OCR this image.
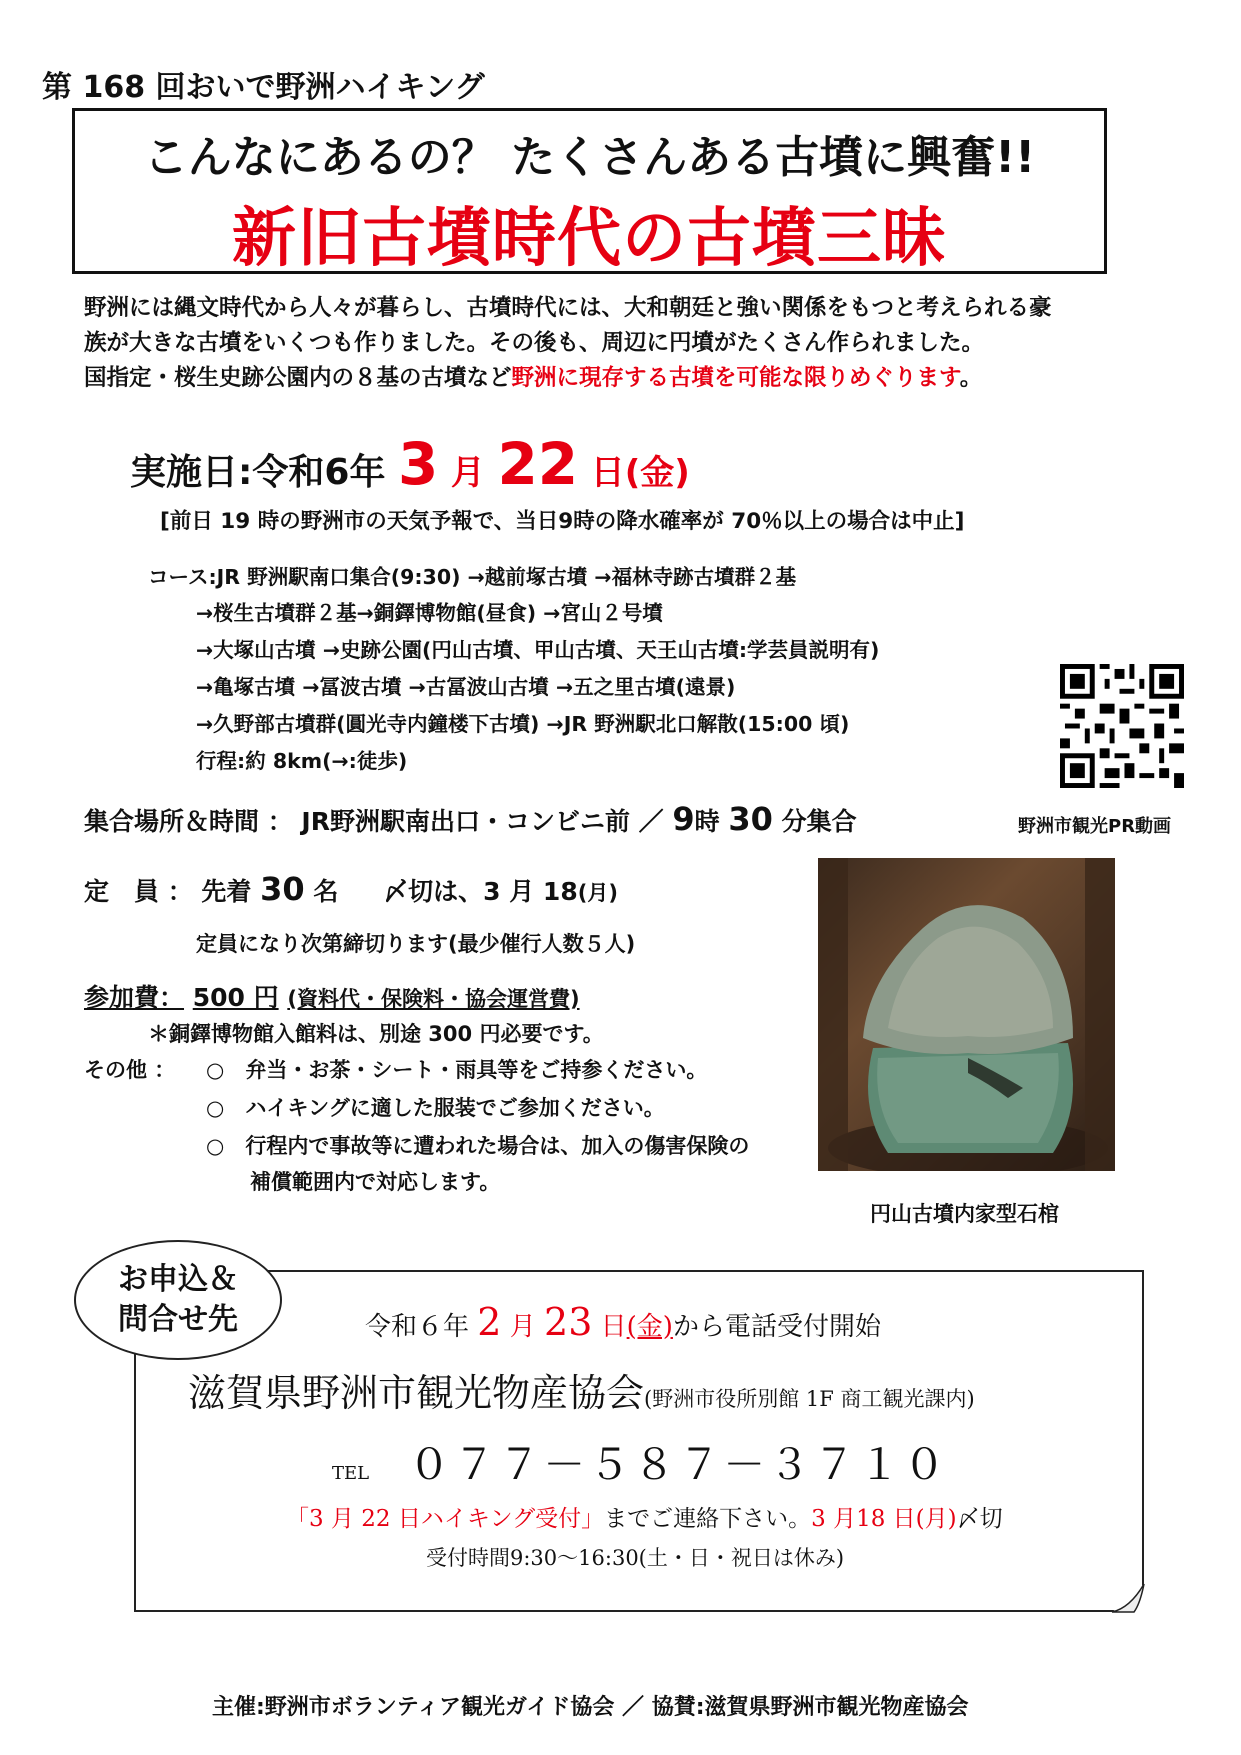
第 168 回おいで野洲ハイキング
こんなにあるの？ たくさんある古墳に興奮!!
新旧古墳時代の古墳三昧
野洲には縄文時代から人々が暮らし、古墳時代には、大和朝廷と強い関係をもつと考えられる豪
族が大きな古墳をいくつも作りました。その後も、周辺に円墳がたくさん作られました。
国指定・桜生史跡公園内の８基の古墳など野洲に現存する古墳を可能な限りめぐります。
実施日:令和6年 3 月 22 日(金)
[前日 19 時の野洲市の天気予報で、当日9時の降水確率が 70％以上の場合は中止]
コース:JR 野洲駅南口集合(9:30) →越前塚古墳 →福林寺跡古墳群２基
→桜生古墳群２基→銅鐸博物館(昼食) →宮山２号墳
→大塚山古墳 →史跡公園(円山古墳、甲山古墳、天王山古墳:学芸員説明有)
→亀塚古墳 →冨波古墳 →古冨波山古墳 →五之里古墳(遠景)
→久野部古墳群(圓光寺内鐘楼下古墳) →JR 野洲駅北口解散(15:00 頃)
行程:約 8km(→:徒歩)
野洲市観光PR動画
集合場所＆時間 ： JR野洲駅南出口・コンビニ前 ／ 9時 30 分集合
定　員 ： 先着 30 名 〆切は、3 月 18(月)
定員になり次第締切ります(最少催行人数５人)
参加費： 500 円 (資料代・保険料・協会運営費)
＊銅鐸博物館入館料は、別途 300 円必要です。
その他 ： ○　弁当・お茶・シート・雨具等をご持参ください。
○　ハイキングに適した服装でご参加ください。
○　行程内で事故等に遭われた場合は、加入の傷害保険の
補償範囲内で対応します。
円山古墳内家型石棺
お申込＆
問合せ先	令和６年 2 月 23 日(金)から電話受付開始
滋賀県野洲市観光物産協会(野洲市役所別館 1F 商工観光課内)
TEL ０７７－５８７－３７１０
「3 月 22 日ハイキング受付」までご連絡下さい。3 月18 日(月)〆切
受付時間9:30～16:30(土・日・祝日は休み)
主催:野洲市ボランティア観光ガイド協会 ／ 協賛:滋賀県野洲市観光物産協会
